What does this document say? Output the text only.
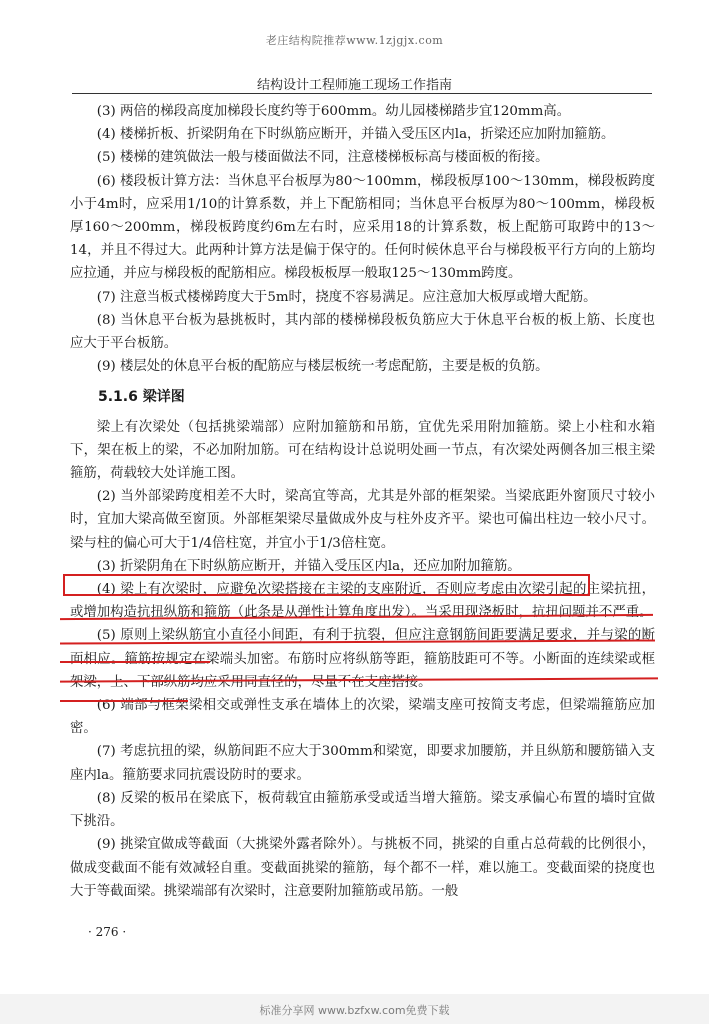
老庄结构院推荐www.1zjgjx.com
结构设计工程师施工现场工作指南

(3) 两倍的梯段高度加梯段长度约等于600mm。幼儿园楼梯踏步宜120mm高。

(4) 楼梯折板、折梁阴角在下时纵筋应断开，并锚入受压区内la，折梁还应加附加箍筋。

(5) 楼梯的建筑做法一般与楼面做法不同，注意楼梯板标高与楼面板的衔接。

(6) 楼段板计算方法：当休息平台板厚为80～100mm，梯段板厚100～130mm，梯段板跨度小于4m时，应采用1/10的计算系数，并上下配筋相同；当休息平台板厚为80～100mm，梯段板厚160～200mm，梯段板跨度约6m左右时，应采用18的计算系数，板上配筋可取跨中的13～14，并且不得过大。此两种计算方法是偏于保守的。任何时候休息平台与梯段板平行方向的上筋均应拉通，并应与梯段板的配筋相应。梯段板板厚一般取125～130mm跨度。

(7) 注意当板式楼梯跨度大于5m时，挠度不容易满足。应注意加大板厚或增大配筋。

(8) 当休息平台板为悬挑板时，其内部的楼梯梯段板负筋应大于休息平台板的板上筋、长度也应大于平台板筋。

(9) 楼层处的休息平台板的配筋应与楼层板统一考虑配筋，主要是板的负筋。

5.1.6 梁详图

梁上有次梁处（包括挑梁端部）应附加箍筋和吊筋，宜优先采用附加箍筋。梁上小柱和水箱下，架在板上的梁，不必加附加筋。可在结构设计总说明处画一节点，有次梁处两侧各加三根主梁箍筋，荷载较大处详施工图。

(2) 当外部梁跨度相差不大时，梁高宜等高，尤其是外部的框架梁。当梁底距外窗顶尺寸较小时，宜加大梁高做至窗顶。外部框架梁尽量做成外皮与柱外皮齐平。梁也可偏出柱边一较小尺寸。梁与柱的偏心可大于1/4倍柱宽，并宜小于1/3倍柱宽。

(3) 折梁阴角在下时纵筋应断开，并锚入受压区内la，还应加附加箍筋。

(4) 梁上有次梁时，应避免次梁搭接在主梁的支座附近，否则应考虑由次梁引起的主梁抗扭，或增加构造抗扭纵筋和箍筋（此条是从弹性计算角度出发）。当采用现浇板时，抗扭问题并不严重。

(5) 原则上梁纵筋宜小直径小间距，有利于抗裂，但应注意钢筋间距要满足要求，并与梁的断面相应。箍筋按规定在梁端头加密。布筋时应将纵筋等距，箍筋肢距可不等。小断面的连续梁或框架梁，上、下部纵筋均应采用同直径的，尽量不在支座搭接。

(6) 端部与框架梁相交或弹性支承在墙体上的次梁，梁端支座可按简支考虑，但梁端箍筋应加密。

(7) 考虑抗扭的梁，纵筋间距不应大于300mm和梁宽，即要求加腰筋，并且纵筋和腰筋锚入支座内la。箍筋要求同抗震设防时的要求。

(8) 反梁的板吊在梁底下，板荷载宜由箍筋承受或适当增大箍筋。梁支承偏心布置的墙时宜做下挑沿。

(9) 挑梁宜做成等截面（大挑梁外露者除外）。与挑板不同，挑梁的自重占总荷载的比例很小，做成变截面不能有效减轻自重。变截面挑梁的箍筋，每个都不一样，难以施工。变截面梁的挠度也大于等截面梁。挑梁端部有次梁时，注意要附加箍筋或吊筋。一般

· 276 ·
标准分享网 www.bzfxw.com免费下载
